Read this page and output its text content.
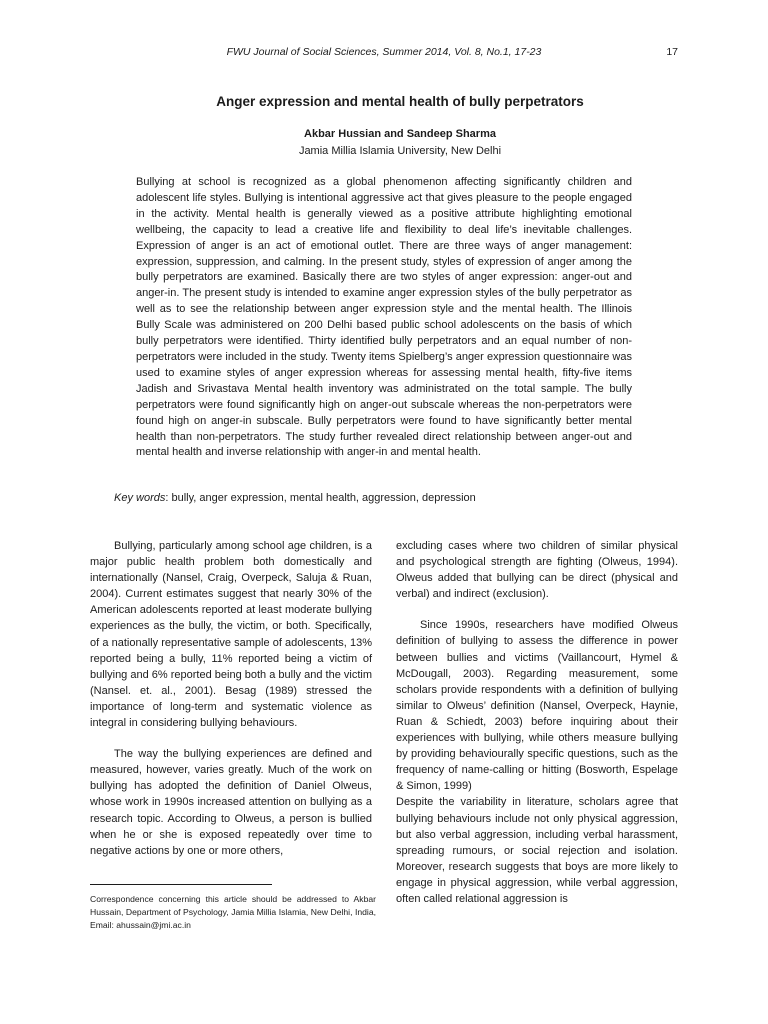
FWU Journal of Social Sciences, Summer 2014, Vol. 8, No.1, 17-23	17
Anger expression and mental health of bully perpetrators
Akbar Hussian and Sandeep Sharma
Jamia Millia Islamia University, New Delhi

Bullying at school is recognized as a global phenomenon affecting significantly children and adolescent life styles. Bullying is intentional aggressive act that gives pleasure to the people engaged in the activity. Mental health is generally viewed as a positive attribute highlighting emotional wellbeing, the capacity to lead a creative life and flexibility to deal life’s inevitable challenges. Expression of anger is an act of emotional outlet. There are three ways of anger management: expression, suppression, and calming. In the present study, styles of expression of anger among the bully perpetrators are examined. Basically there are two styles of anger expression: anger-out and anger-in. The present study is intended to examine anger expression styles of the bully perpetrator as well as to see the relationship between anger expression style and the mental health. The Illinois Bully Scale was administered on 200 Delhi based public school adolescents on the basis of which bully perpetrators were identified. Thirty identified bully perpetrators and an equal number of non-perpetrators were included in the study. Twenty items Spielberg’s anger expression questionnaire was used to examine styles of anger expression whereas for assessing mental health, fifty-five items Jadish and Srivastava Mental health inventory was administrated on the total sample. The bully perpetrators were found significantly high on anger-out subscale whereas the non-perpetrators were found high on anger-in subscale. Bully perpetrators were found to have significantly better mental health than non-perpetrators. The study further revealed direct relationship between anger-out and mental health and inverse relationship with anger-in and mental health.

Key words: bully, anger expression, mental health, aggression, depression

Bullying, particularly among school age children, is a major public health problem both domestically and internationally (Nansel, Craig, Overpeck, Saluja & Ruan, 2004). Current estimates suggest that nearly 30% of the American adolescents reported at least moderate bullying experiences as the bully, the victim, or both. Specifically, of a nationally representative sample of adolescents, 13% reported being a bully, 11% reported being a victim of bullying and 6% reported being both a bully and the victim (Nansel. et. al., 2001). Besag (1989) stressed the importance of long-term and systematic violence as integral in considering bullying behaviours.

The way the bullying experiences are defined and measured, however, varies greatly. Much of the work on bullying has adopted the definition of Daniel Olweus, whose work in 1990s increased attention on bullying as a research topic. According to Olweus, a person is bullied when he or she is exposed repeatedly over time to negative actions by one or more others,

excluding cases where two children of similar physical and psychological strength are fighting (Olweus, 1994). Olweus added that bullying can be direct (physical and verbal) and indirect (exclusion).

Since 1990s, researchers have modified Olweus definition of bullying to assess the difference in power between bullies and victims (Vaillancourt, Hymel & McDougall, 2003). Regarding measurement, some scholars provide respondents with a definition of bullying similar to Olweus’ definition (Nansel, Overpeck, Haynie, Ruan & Schiedt, 2003) before inquiring about their experiences with bullying, while others measure bullying by providing behaviourally specific questions, such as the frequency of name-calling or hitting (Bosworth, Espelage & Simon, 1999)

Despite the variability in literature, scholars agree that bullying behaviours include not only physical aggression, but also verbal aggression, including verbal harassment, spreading rumours, or social rejection and isolation. Moreover, research suggests that boys are more likely to engage in physical aggression, while verbal aggression, often called relational aggression is

Correspondence concerning this article should be addressed to Akbar Hussain, Department of Psychology, Jamia Millia Islamia, New Delhi, India, Email: ahussain@jmi.ac.in
